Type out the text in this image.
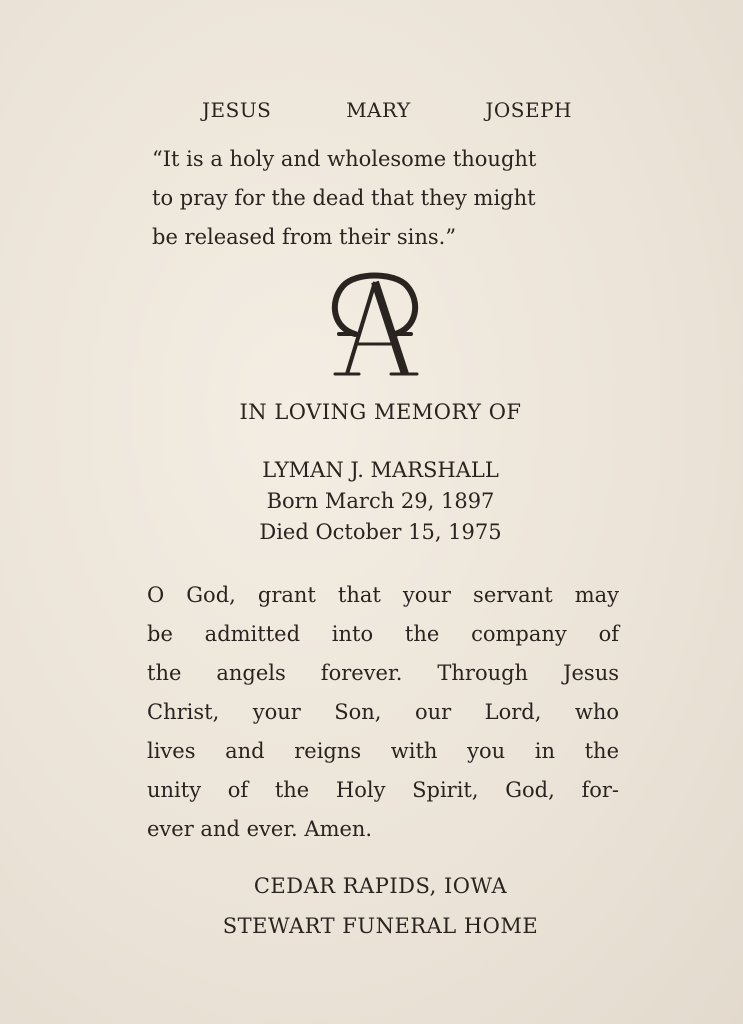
JESUS	MARY	JOSEPH
“It is a holy and wholesome thought
to pray for the dead that they might
be released from their sins.”
IN LOVING MEMORY OF
LYMAN J. MARSHALL
Born March 29, 1897
Died October 15, 1975
O God, grant that your servant may
be admitted into the company of
the angels forever. Through Jesus
Christ, your Son, our Lord, who
lives and reigns with you in the
unity of the Holy Spirit, God, for-
ever and ever. Amen.
CEDAR RAPIDS, IOWA
STEWART FUNERAL HOME
